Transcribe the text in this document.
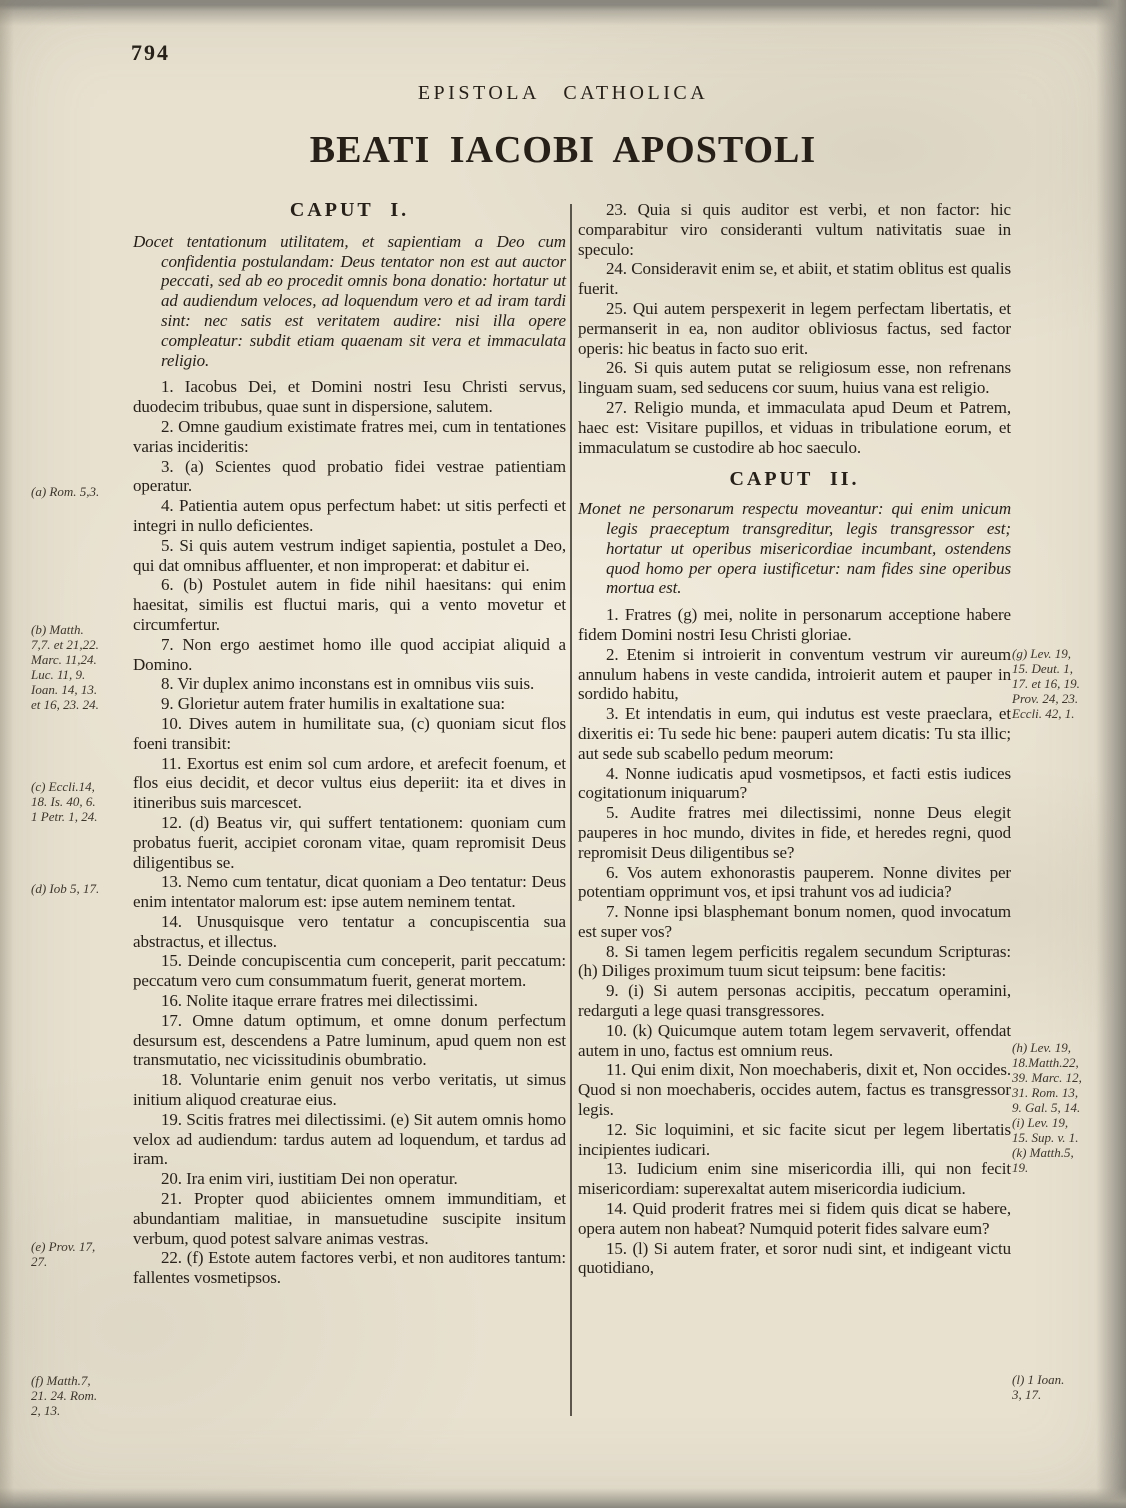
794
EPISTOLA CATHOLICA
BEATI IACOBI APOSTOLI
CAPUT I.

Docet tentationum utilitatem, et sapientiam a Deo cum confidentia postulandam: Deus tentator non est aut auctor peccati, sed ab eo procedit omnis bona donatio: hortatur ut ad audiendum veloces, ad loquendum vero et ad iram tardi sint: nec satis est veritatem audire: nisi illa opere compleatur: subdit etiam quaenam sit vera et immaculata religio.

1. Iacobus Dei, et Domini nostri Iesu Christi servus, duodecim tribubus, quae sunt in dispersione, salutem.

2. Omne gaudium existimate fratres mei, cum in tentationes varias incideritis:

3. (a) Scientes quod probatio fidei vestrae patientiam operatur.

4. Patientia autem opus perfectum habet: ut sitis perfecti et integri in nullo deficientes.

5. Si quis autem vestrum indiget sapientia, postulet a Deo, qui dat omnibus affluenter, et non improperat: et dabitur ei.

6. (b) Postulet autem in fide nihil haesitans: qui enim haesitat, similis est fluctui maris, qui a vento movetur et circumfertur.

7. Non ergo aestimet homo ille quod accipiat aliquid a Domino.

8. Vir duplex animo inconstans est in omnibus viis suis.

9. Glorietur autem frater humilis in exaltatione sua:

10. Dives autem in humilitate sua, (c) quoniam sicut flos foeni transibit:

11. Exortus est enim sol cum ardore, et arefecit foenum, et flos eius decidit, et decor vultus eius deperiit: ita et dives in itineribus suis marcescet.

12. (d) Beatus vir, qui suffert tentationem: quoniam cum probatus fuerit, accipiet coronam vitae, quam repromisit Deus diligentibus se.

13. Nemo cum tentatur, dicat quoniam a Deo tentatur: Deus enim intentator malorum est: ipse autem neminem tentat.

14. Unusquisque vero tentatur a concupiscentia sua abstractus, et illectus.

15. Deinde concupiscentia cum conceperit, parit peccatum: peccatum vero cum consummatum fuerit, generat mortem.

16. Nolite itaque errare fratres mei dilectissimi.

17. Omne datum optimum, et omne donum perfectum desursum est, descendens a Patre luminum, apud quem non est transmutatio, nec vicissitudinis obumbratio.

18. Voluntarie enim genuit nos verbo veritatis, ut simus initium aliquod creaturae eius.

19. Scitis fratres mei dilectissimi. (e) Sit autem omnis homo velox ad audiendum: tardus autem ad loquendum, et tardus ad iram.

20. Ira enim viri, iustitiam Dei non operatur.

21. Propter quod abiicientes omnem immunditiam, et abundantiam malitiae, in mansuetudine suscipite insitum verbum, quod potest salvare animas vestras.

22. (f) Estote autem factores verbi, et non auditores tantum: fallentes vosmetipsos.

23. Quia si quis auditor est verbi, et non factor: hic comparabitur viro consideranti vultum nativitatis suae in speculo:

24. Consideravit enim se, et abiit, et statim oblitus est qualis fuerit.

25. Qui autem perspexerit in legem perfectam libertatis, et permanserit in ea, non auditor obliviosus factus, sed factor operis: hic beatus in facto suo erit.

26. Si quis autem putat se religiosum esse, non refrenans linguam suam, sed seducens cor suum, huius vana est religio.

27. Religio munda, et immaculata apud Deum et Patrem, haec est: Visitare pupillos, et viduas in tribulatione eorum, et immaculatum se custodire ab hoc saeculo.

CAPUT II.

Monet ne personarum respectu moveantur: qui enim unicum legis praeceptum transgreditur, legis transgressor est; hortatur ut operibus misericordiae incumbant, ostendens quod homo per opera iustificetur: nam fides sine operibus mortua est.

1. Fratres (g) mei, nolite in personarum acceptione habere fidem Domini nostri Iesu Christi gloriae.

2. Etenim si introierit in conventum vestrum vir aureum annulum habens in veste candida, introierit autem et pauper in sordido habitu,

3. Et intendatis in eum, qui indutus est veste praeclara, et dixeritis ei: Tu sede hic bene: pauperi autem dicatis: Tu sta illic; aut sede sub scabello pedum meorum:

4. Nonne iudicatis apud vosmetipsos, et facti estis iudices cogitationum iniquarum?

5. Audite fratres mei dilectissimi, nonne Deus elegit pauperes in hoc mundo, divites in fide, et heredes regni, quod repromisit Deus diligentibus se?

6. Vos autem exhonorastis pauperem. Nonne divites per potentiam opprimunt vos, et ipsi trahunt vos ad iudicia?

7. Nonne ipsi blasphemant bonum nomen, quod invocatum est super vos?

8. Si tamen legem perficitis regalem secundum Scripturas: (h) Diliges proximum tuum sicut teipsum: bene facitis:

9. (i) Si autem personas accipitis, peccatum operamini, redarguti a lege quasi transgressores.

10. (k) Quicumque autem totam legem servaverit, offendat autem in uno, factus est omnium reus.

11. Qui enim dixit, Non moechaberis, dixit et, Non occides. Quod si non moechaberis, occides autem, factus es transgressor legis.

12. Sic loquimini, et sic facite sicut per legem libertatis incipientes iudicari.

13. Iudicium enim sine misericordia illi, qui non fecit misericordiam: superexaltat autem misericordia iudicium.

14. Quid proderit fratres mei si fidem quis dicat se habere, opera autem non habeat? Numquid poterit fides salvare eum?

15. (l) Si autem frater, et soror nudi sint, et indigeant victu quotidiano,

(a) Rom. 5,3.
(b) Matth.
7,7. et 21,22.
Marc. 11,24.
Luc. 11, 9.
Ioan. 14, 13.
et 16, 23. 24.
(c) Eccli.14,
18. Is. 40, 6.
1 Petr. 1, 24.
(d) Iob 5, 17.
(e) Prov. 17,
27.
(f) Matth.7,
21. 24. Rom.
2, 13.
(g) Lev. 19,
15. Deut. 1,
17. et 16, 19.
Prov. 24, 23.
Eccli. 42, 1.
(h) Lev. 19,
18.Matth.22,
39. Marc. 12,
31. Rom. 13,
9. Gal. 5, 14.
(i) Lev. 19,
15. Sup. v. 1.
(k) Matth.5,
19.
(l) 1 Ioan.
3, 17.
